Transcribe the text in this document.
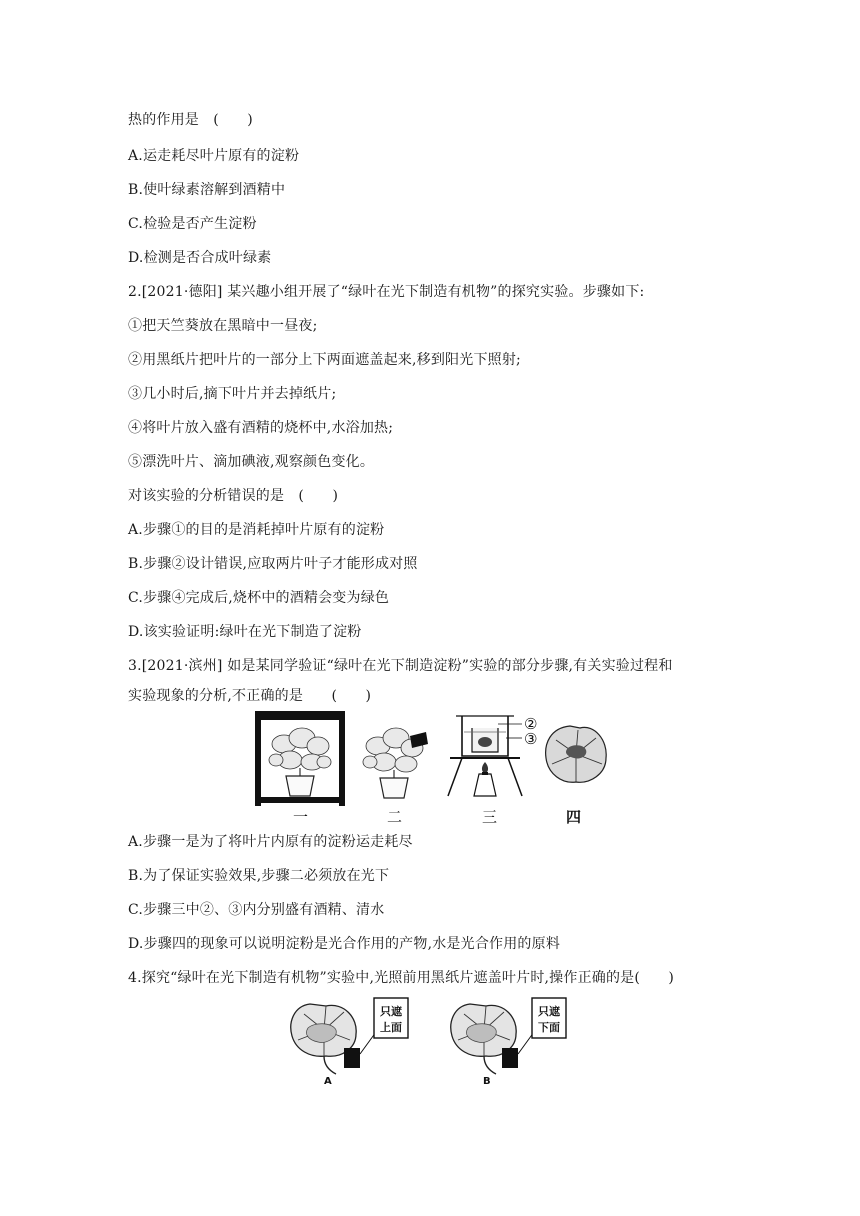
热的作用是　(　　)
A.运走耗尽叶片原有的淀粉
B.使叶绿素溶解到酒精中
C.检验是否产生淀粉
D.检测是否合成叶绿素
2.[2021·德阳] 某兴趣小组开展了“绿叶在光下制造有机物”的探究实验。步骤如下:
①把天竺葵放在黑暗中一昼夜;
②用黑纸片把叶片的一部分上下两面遮盖起来,移到阳光下照射;
③几小时后,摘下叶片并去掉纸片;
④将叶片放入盛有酒精的烧杯中,水浴加热;
⑤漂洗叶片、滴加碘液,观察颜色变化。
对该实验的分析错误的是　(　　)
A.步骤①的目的是消耗掉叶片原有的淀粉
B.步骤②设计错误,应取两片叶子才能形成对照
C.步骤④完成后,烧杯中的酒精会变为绿色
D.该实验证明:绿叶在光下制造了淀粉
3.[2021·滨州] 如是某同学验证“绿叶在光下制造淀粉”实验的部分步骤,有关实验过程和
实验现象的分析,不正确的是　　(　　)
②
③
一	二	三	四
A.步骤一是为了将叶片内原有的淀粉运走耗尽
B.为了保证实验效果,步骤二必须放在光下
C.步骤三中②、③内分别盛有酒精、清水
D.步骤四的现象可以说明淀粉是光合作用的产物,水是光合作用的原料
4.探究“绿叶在光下制造有机物”实验中,光照前用黑纸片遮盖叶片时,操作正确的是(　　)
只遮
上面
A
只遮
下面
B
